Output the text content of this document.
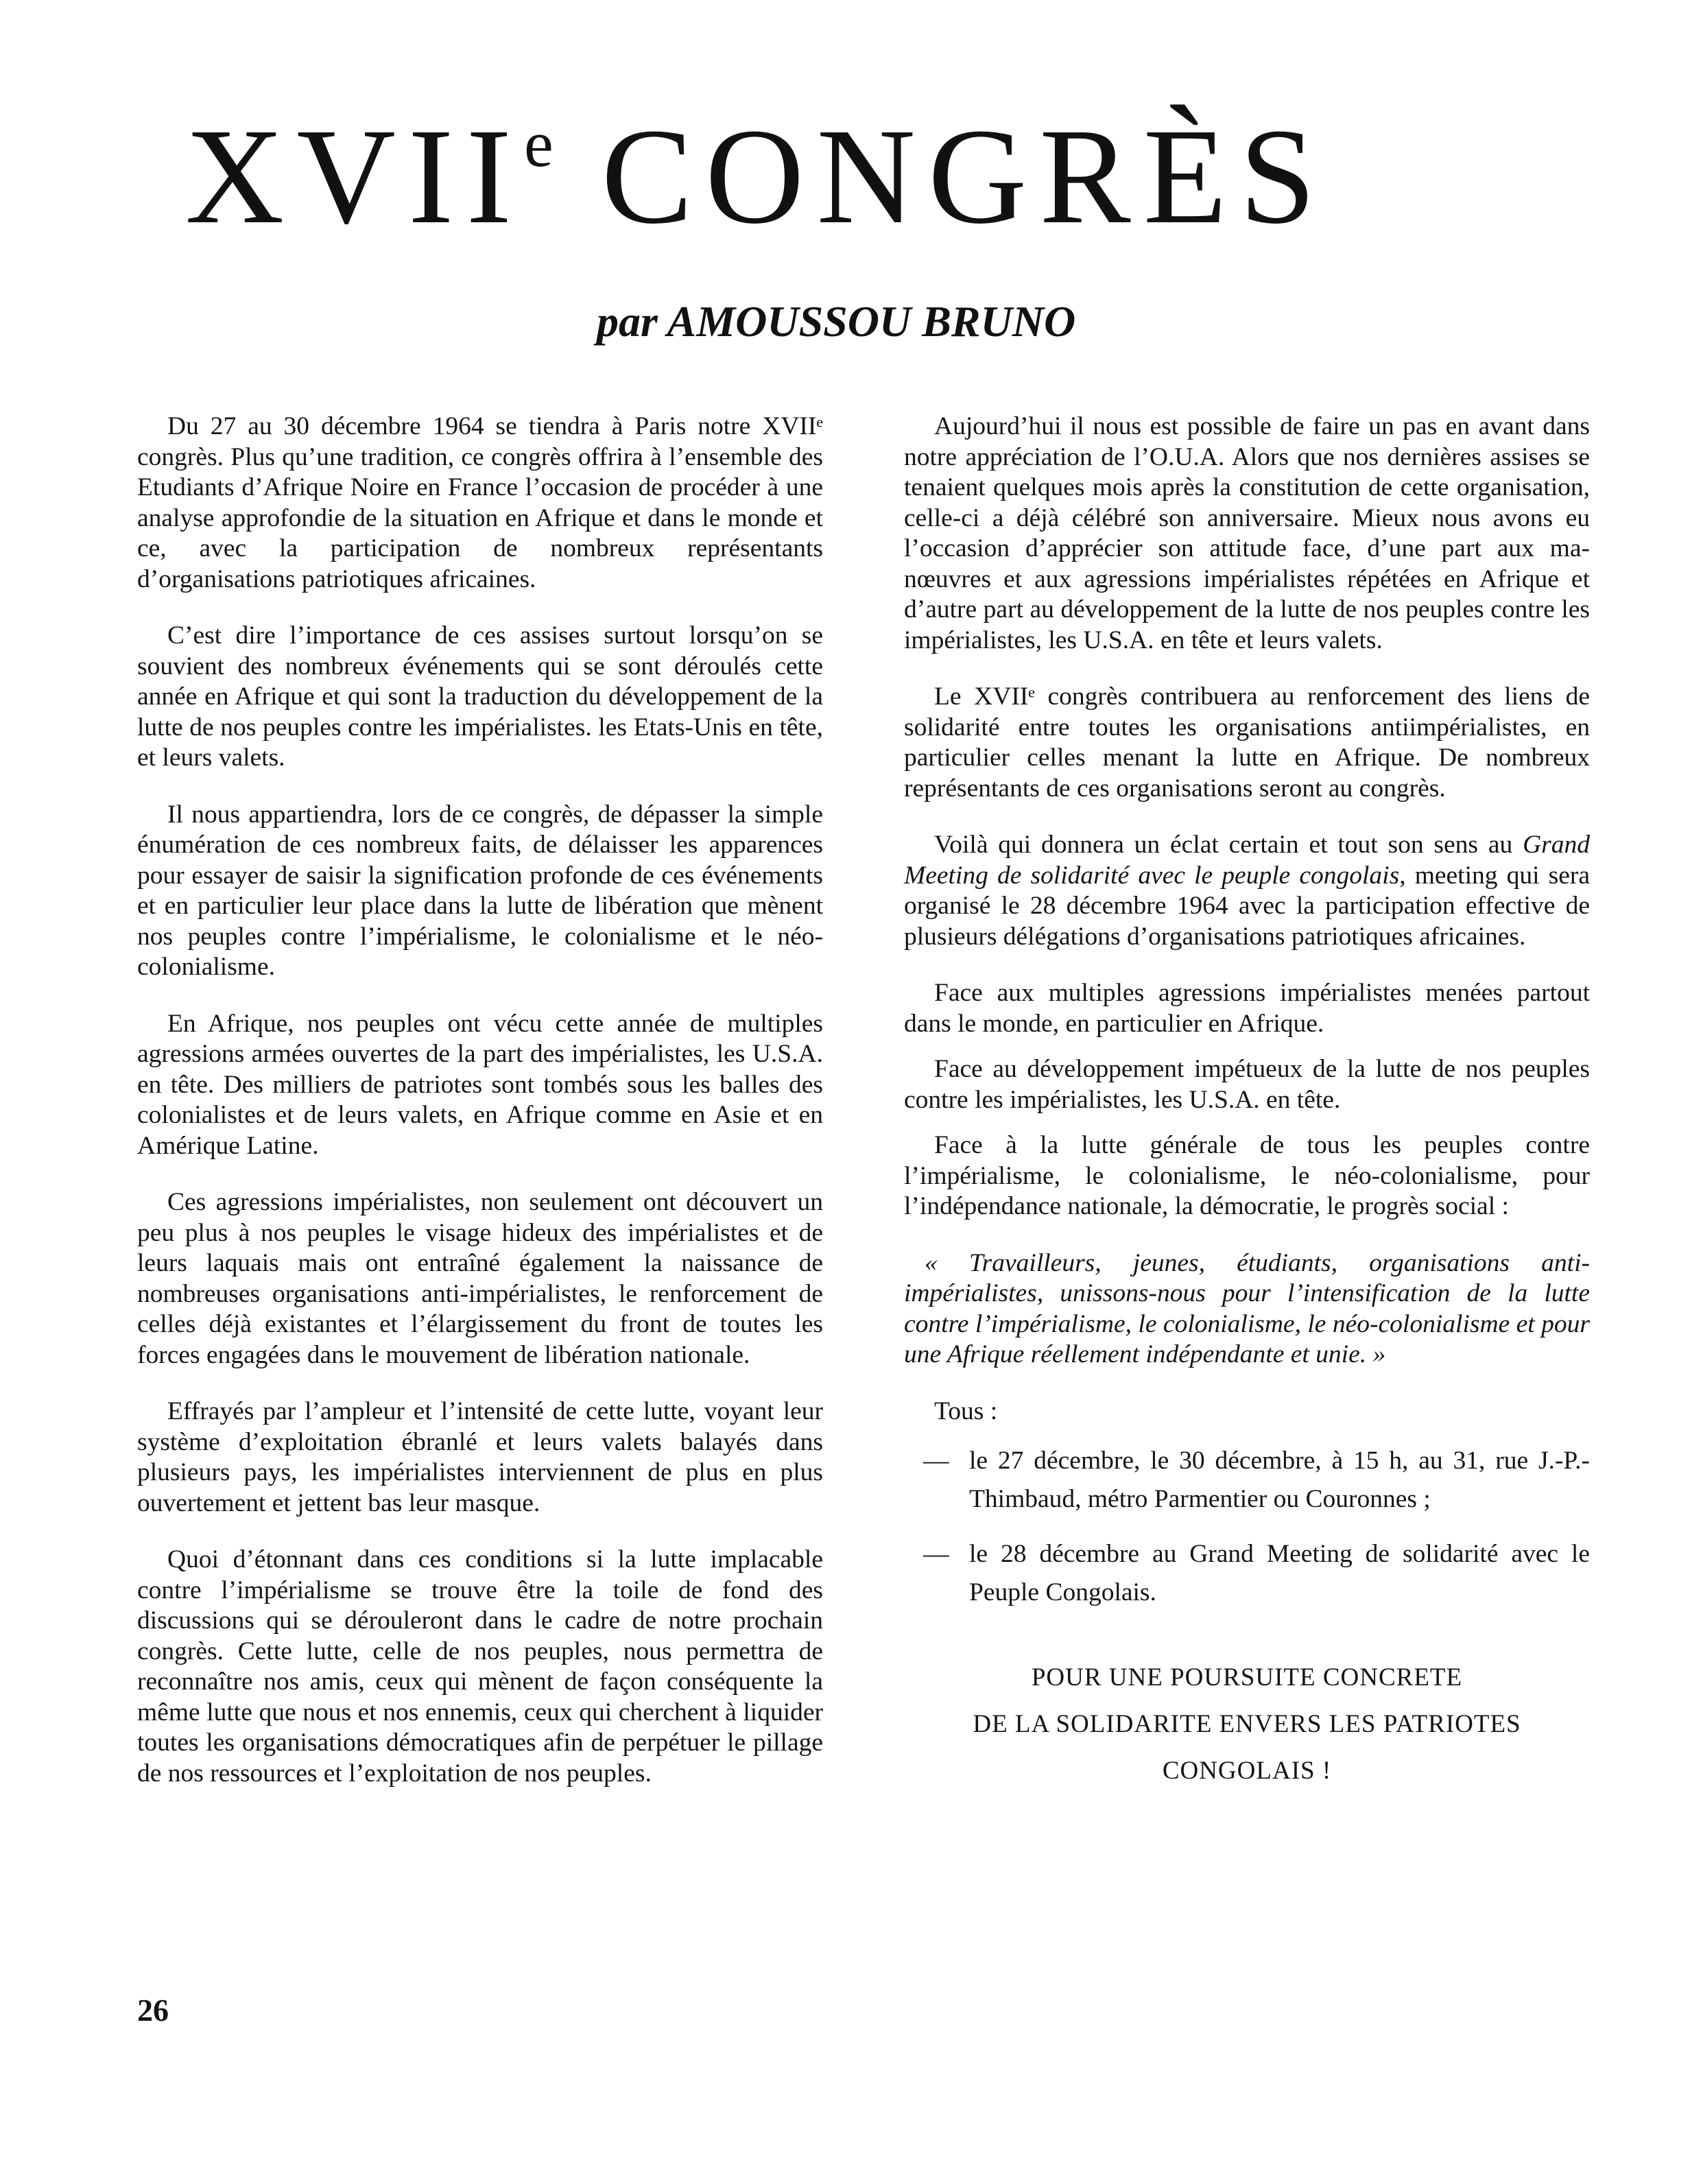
XVIIe CONGRÈS
par AMOUSSOU BRUNO

Du 27 au 30 décembre 1964 se tiendra à Paris notre XVIIᵉ congrès. Plus qu’une tradition, ce congrès offrira à l’ensemble des Etudiants d’Afrique Noire en France l’occasion de procéder à une analyse approfondie de la situation en Afrique et dans le monde et ce, avec la participation de nombreux représentants d’organisations patriotiques africaines.

C’est dire l’importance de ces assises surtout lorsqu’on se souvient des nombreux événements qui se sont déroulés cette année en Afrique et qui sont la traduction du développement de la lutte de nos peuples contre les impérialistes. les Etats-Unis en tête, et leurs valets.

Il nous appartiendra, lors de ce congrès, de dépasser la simple énumération de ces nombreux faits, de délaisser les apparences pour essayer de saisir la signification profonde de ces événements et en particulier leur place dans la lutte de libération que mènent nos peuples contre l’impérialisme, le colonialisme et le néocolonialisme.

En Afrique, nos peuples ont vécu cette année de multiples agressions armées ouvertes de la part des impérialistes, les U.S.A. en tête. Des milliers de patriotes sont tombés sous les balles des colonialistes et de leurs valets, en Afrique comme en Asie et en Amérique Latine.

Ces agressions impérialistes, non seulement ont découvert un peu plus à nos peuples le visage hideux des impérialistes et de leurs laquais mais ont entraîné également la naissance de nombreuses organisations anti-impérialistes, le renforcement de celles déjà existantes et l’élargissement du front de toutes les forces engagées dans le mouvement de libération nationale.

Effrayés par l’ampleur et l’intensité de cette lutte, voyant leur système d’exploitation ébranlé et leurs valets balayés dans plusieurs pays, les impérialistes interviennent de plus en plus ouvertement et jettent bas leur masque.

Quoi d’étonnant dans ces conditions si la lutte implacable contre l’impérialisme se trouve être la toile de fond des discussions qui se dérouleront dans le cadre de notre prochain congrès. Cette lutte, celle de nos peuples, nous permettra de reconnaître nos amis, ceux qui mènent de façon conséquente la même lutte que nous et nos ennemis, ceux qui cherchent à liquider toutes les organisations démocratiques afin de perpétuer le pillage de nos ressources et l’exploitation de nos peuples.

Aujourd’hui il nous est possible de faire un pas en avant dans notre appréciation de l’O.U.A. Alors que nos dernières assises se tenaient quelques mois après la constitution de cette organisation, celle-ci a déjà célébré son anniversaire. Mieux nous avons eu l’occasion d’apprécier son attitude face, d’une part aux manœuvres et aux agressions impérialistes répétées en Afrique et d’autre part au développement de la lutte de nos peuples contre les impérialistes, les U.S.A. en tête et leurs valets.

Le XVIIᵉ congrès contribuera au renforcement des liens de solidarité entre toutes les organisations antiimpérialistes, en particulier celles menant la lutte en Afrique. De nombreux représentants de ces organisations seront au congrès.

Voilà qui donnera un éclat certain et tout son sens au Grand Meeting de solidarité avec le peuple congolais, meeting qui sera organisé le 28 décembre 1964 avec la participation effective de plusieurs délégations d’organisations patriotiques africaines.

Face aux multiples agressions impérialistes menées partout dans le monde, en particulier en Afrique.

Face au développement impétueux de la lutte de nos peuples contre les impérialistes, les U.S.A. en tête.

Face à la lutte générale de tous les peuples contre l’impérialisme, le colonialisme, le néo-colonialisme, pour l’indépendance nationale, la démocratie, le progrès social :

« Travailleurs, jeunes, étudiants, organisations antiimpérialistes, unissons-nous pour l’intensification de la lutte contre l’impérialisme, le colonialisme, le néo-colonialisme et pour une Afrique réellement indépendante et unie. »

Tous :

— le 27 décembre, le 30 décembre, à 15 h, au 31, rue J.-P.-Thimbaud, métro Parmentier ou Couronnes ;
— le 28 décembre au Grand Meeting de solidarité avec le Peuple Congolais.
POUR UNE POURSUITE CONCRETE
DE LA SOLIDARITE ENVERS LES PATRIOTES
CONGOLAIS !
26
